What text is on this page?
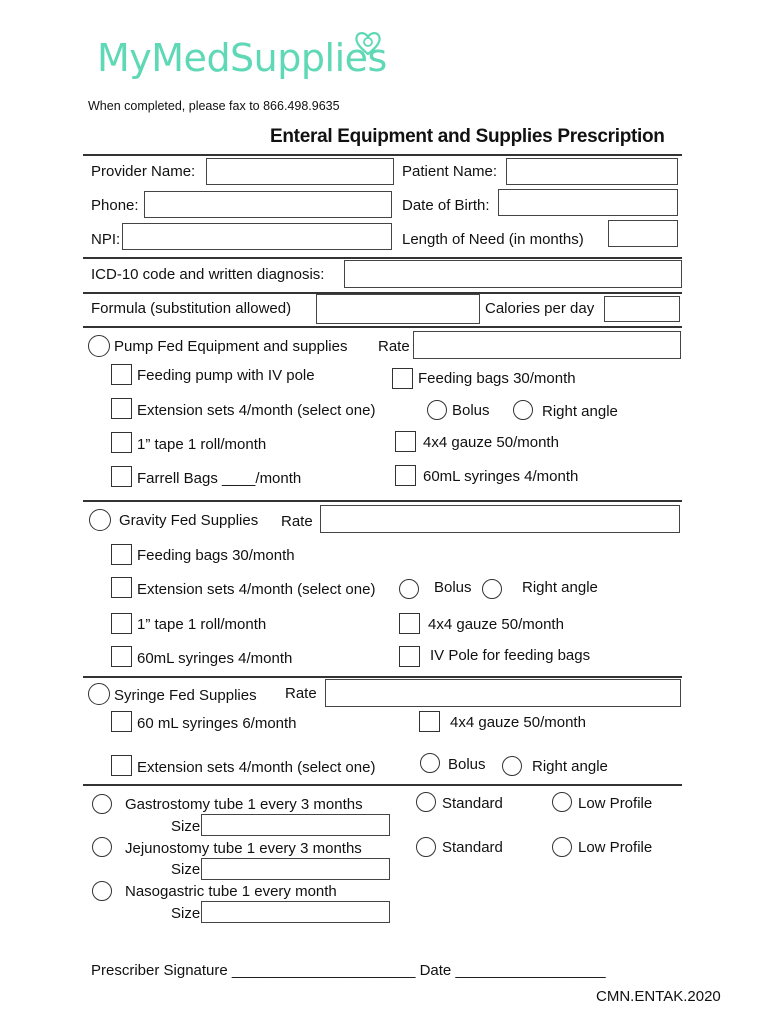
MyMedSupplies
When completed, please fax to 866.498.9635
Enteral Equipment and Supplies Prescription
Provider Name:	Patient Name:
Phone:	Date of Birth:
NPI:	Length of Need (in months)
ICD-10 code and written diagnosis:
Formula (substitution allowed)	Calories per day
Pump Fed Equipment and supplies Rate
Feeding pump with IV pole	Feeding bags 30/month
Extension sets 4/month (select one)	Bolus	Right angle
1” tape 1 roll/month	4x4 gauze 50/month
Farrell Bags ____/month	60mL syringes 4/month
Gravity Fed Supplies Rate
Feeding bags 30/month
Extension sets 4/month (select one)	Bolus	Right angle
1” tape 1 roll/month	4x4 gauze 50/month
60mL syringes 4/month	IV Pole for feeding bags
Syringe Fed Supplies Rate
60 mL syringes 6/month	4x4 gauze 50/month
Extension sets 4/month (select one)	Bolus	Right angle
Gastrostomy tube 1 every 3 months	Standard	Low Profile
Size
Jejunostomy tube 1 every 3 months	Standard	Low Profile
Size
Nasogastric tube 1 every month
Size
Prescriber Signature ______________________ Date __________________
CMN.ENTAK.2020
